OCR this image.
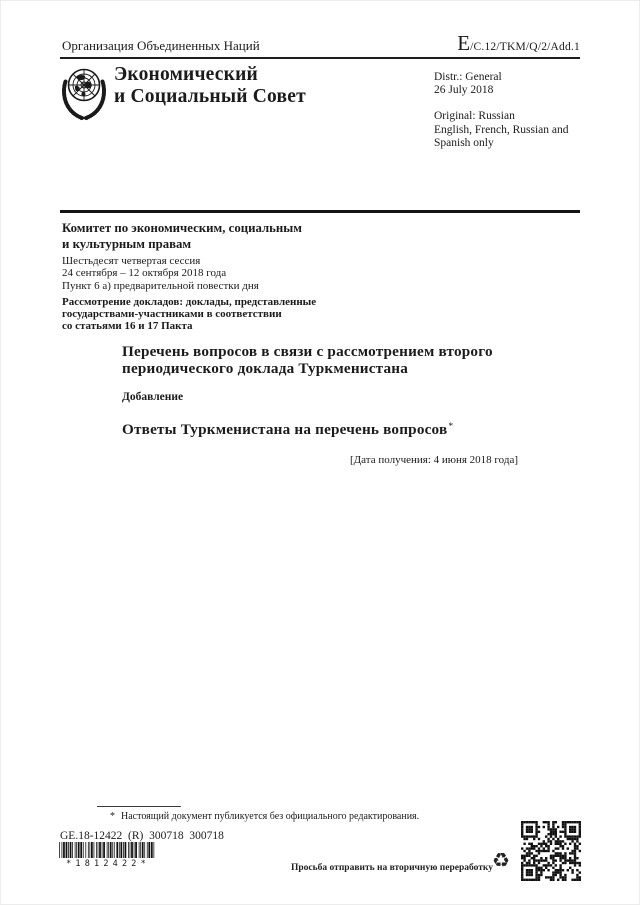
Организация Объединенных Наций	E /C.12/TKM/Q/2/Add.1
Экономический
и Социальный Совет
Distr.: General
26 July 2018
Original: Russian
English, French, Russian and
Spanish only
Комитет по экономическим, социальным
и культурным правам
Шестьдесят четвертая сессия
24 сентября – 12 октября 2018 года
Пункт 6 а) предварительной повестки дня
Рассмотрение докладов: доклады, представленные
государствами-участниками в соответствии
со статьями 16 и 17 Пакта
Перечень вопросов в связи с рассмотрением второго
периодического доклада Туркменистана
Добавление
Ответы Туркменистана на перечень вопросов*
[Дата получения: 4 июня 2018 года]
* Настоящий документ публикуется без официального редактирования.
GE.18-12422  (R)  300718  300718
*1812422*	Просьба отправить на вторичную переработку ♻
